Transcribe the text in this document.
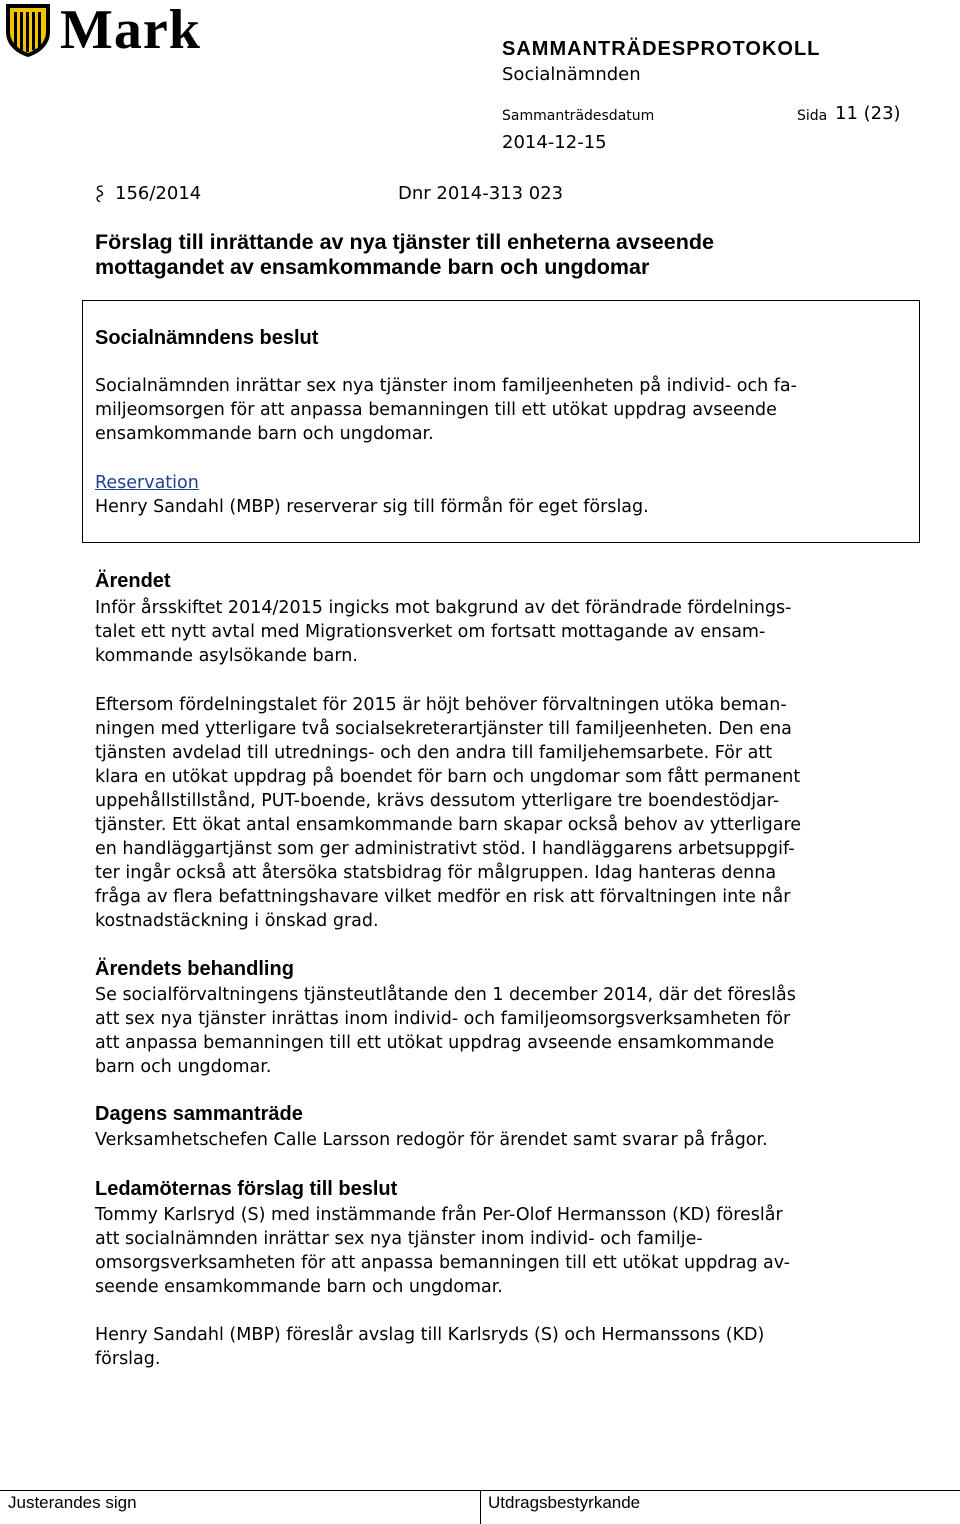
Mark	SAMMANTRÄDESPROTOKOLL
Socialnämnden
Sammanträdesdatum	Sida 11 (23)
2014-12-15
156/2014	Dnr 2014-313 023
Förslag till inrättande av nya tjänster till enheterna avseende
mottagandet av ensamkommande barn och ungdomar
Socialnämndens beslut
Socialnämnden inrättar sex nya tjänster inom familjeenheten på individ- och fa-
miljeomsorgen för att anpassa bemanningen till ett utökat uppdrag avseende
ensamkommande barn och ungdomar.
Reservation
Henry Sandahl (MBP) reserverar sig till förmån för eget förslag.
Ärendet
Inför årsskiftet 2014/2015 ingicks mot bakgrund av det förändrade fördelnings-
talet ett nytt avtal med Migrationsverket om fortsatt mottagande av ensam-
kommande asylsökande barn.
Eftersom fördelningstalet för 2015 är höjt behöver förvaltningen utöka beman-
ningen med ytterligare två socialsekreterartjänster till familjeenheten. Den ena
tjänsten avdelad till utrednings- och den andra till familjehemsarbete. För att
klara en utökat uppdrag på boendet för barn och ungdomar som fått permanent
uppehållstillstånd, PUT-boende, krävs dessutom ytterligare tre boendestödjar-
tjänster. Ett ökat antal ensamkommande barn skapar också behov av ytterligare
en handläggartjänst som ger administrativt stöd. I handläggarens arbetsuppgif-
ter ingår också att återsöka statsbidrag för målgruppen. Idag hanteras denna
fråga av flera befattningshavare vilket medför en risk att förvaltningen inte når
kostnadstäckning i önskad grad.
Ärendets behandling
Se socialförvaltningens tjänsteutlåtande den 1 december 2014, där det föreslås
att sex nya tjänster inrättas inom individ- och familjeomsorgsverksamheten för
att anpassa bemanningen till ett utökat uppdrag avseende ensamkommande
barn och ungdomar.
Dagens sammanträde
Verksamhetschefen Calle Larsson redogör för ärendet samt svarar på frågor.
Ledamöternas förslag till beslut
Tommy Karlsryd (S) med instämmande från Per-Olof Hermansson (KD) föreslår
att socialnämnden inrättar sex nya tjänster inom individ- och familje-
omsorgsverksamheten för att anpassa bemanningen till ett utökat uppdrag av-
seende ensamkommande barn och ungdomar.
Henry Sandahl (MBP) föreslår avslag till Karlsryds (S) och Hermanssons (KD)
förslag.
Justerandes sign	Utdragsbestyrkande
